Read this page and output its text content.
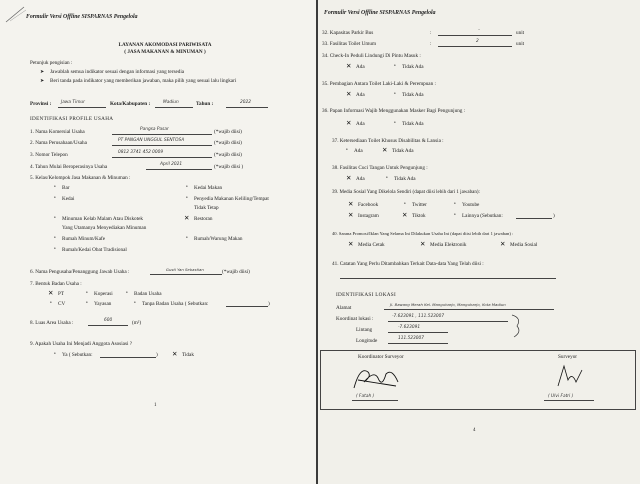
Formulir Versi Offline SISPARNAS Pengelola
LAYANAN AKOMODASI PARIWISATA
( JASA MAKANAN & MINUMAN )
Petunjuk pengisian :
➤ Jawablah semua indikator sesuai dengan informasi yang tersedia
➤ Beri tanda pada indikator yang memberikan jawaban, maka pilih yang sesuai lalu lingkari
Provinsi : Jawa Timur	Kota/Kabupaten :	Madiun	Tahun :	2022
IDENTIFIKASI PROFILE USAHA
1. Nama Komersial Usaha	Pangsa Pasar	(*wajib diisi)
2. Nama Perusahaan/Usaha	PT PANGAN UNGGUL SENTOSA	(*wajib diisi)
3. Nomor Telepon	0812 3741 452 0009	(*wajib diisi)
4. Tahun Mulai Beroperasinya Usaha	April 2021	(*wajib diisi )
5. Kelas/Kelompok Jasa Makanan & Minuman :
• Bar
• Kedai
• Kedai Makan
• Penyedia Makanan Keliling/Tempat
Tidak Tetap
• Minuman Kelab Malam Atau Diskotek
Yang Utamanya Menyediakan Minuman
✕ Restoran
• Rumah Minum/Kafe	• Rumah/Warung Makan
• Rumah/Kedai Obat Tradisional
6. Nama Pengusaha/Penanggung Jawab Usaha :	Gusti Yan Sebastian	(*wajib diisi)
7. Bentuk Badan Usaha :
✕ PT	• Koperasi	• Badan Usaha
• CV	• Yayasan	• Tanpa Badan Usaha ( Sebutkan:	)
8. Luas Area Usaha :	600	(m²)
9. Apakah Usaha Ini Menjadi Anggota Asosiasi ?
• Ya ( Sebutkan:	) ✕ Tidak
1
Formulir Versi Offline SISPARNAS Pengelola
32. Kapasitas Parkir Bus	:	–	unit
33. Fasilitas Toilet Umum	:	2	unit
34. Check-In Peduli Lindungi Di Pintu Masuk :
✕ Ada	• Tidak Ada
35. Pembagian Antara Toilet Laki-Laki & Perempuan :
✕ Ada	• Tidak Ada
36. Papan Informasi Wajib Menggunakan Masker Bagi Pengunjung :
✕ Ada	• Tidak Ada
37. Ketersediaan Toilet Khusus Disabilitas & Lansia :
• Ada	✕ Tidak Ada
38. Fasilitas Cuci Tangan Untuk Pengunjung :
✕ Ada	• Tidak Ada
39. Media Sosial Yang Dikelola Sendiri (dapat diisi lebih dari 1 jawaban):
✕ Facebook	• Twitter	• Youtube
✕ Instagram	✕ Tiktok	• Lainnya (Sebutkan:	)
40. Sarana Promosi/Iklan Yang Selama Ini Dilakukan Usaha Ini (dapat diisi lebih dari 1 jawaban) :
✕ Media Cetak	✕ Media Elektronik	✕ Media Sosial
41. Catatan Yang Perlu Ditambahkan Terkait Data-data Yang Telah diisi :
IDENTIFIKASI LOKASI
Alamat
Jl. Bawang Merah Kel. Manguharjo, Manguharjo, Kota Madiun
Koordinat lokasi :	-7.623091 , 111.523007
Lintang	-7.623091
Longitude	111.523007
Koordinator Surveyor	Surveyor
( Fatah )	( Ulvi Fatri )
4
